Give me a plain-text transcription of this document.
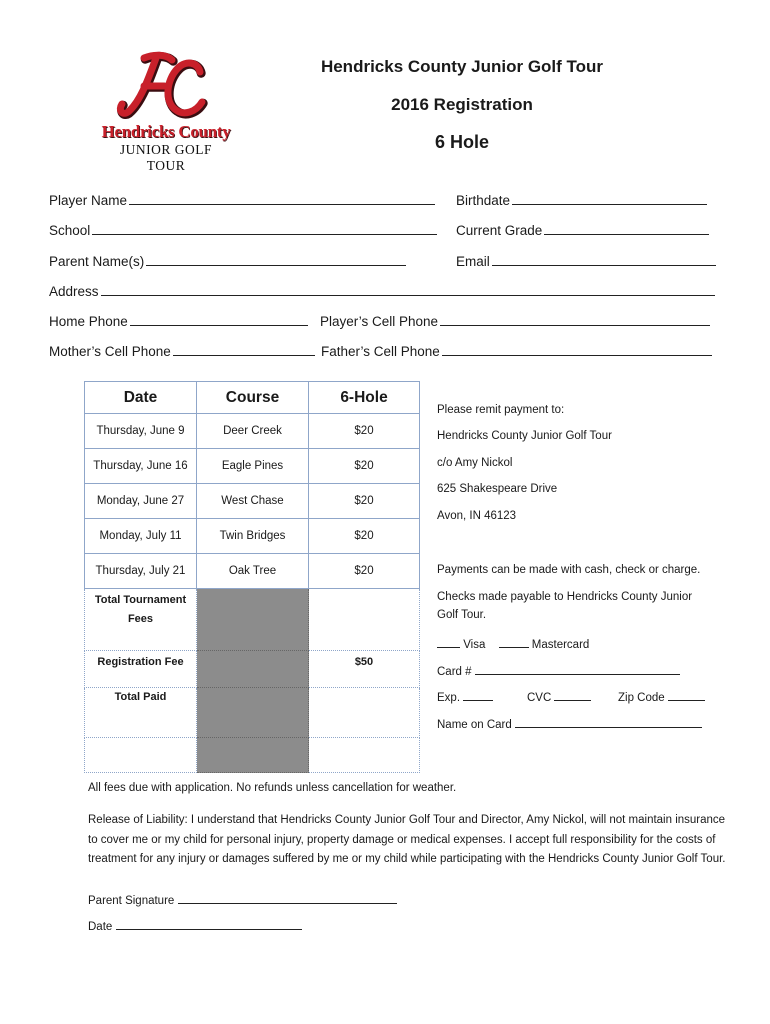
Hendricks County
JUNIOR GOLF
TOUR
Hendricks County Junior Golf Tour
2016 Registration
6 Hole
Player Name	Birthdate
School	Current Grade
Parent Name(s)	Email
Address
Home Phone	Player’s Cell Phone
Mother’s Cell Phone	Father’s Cell Phone
Date	Course	6-Hole
Thursday, June 9	Deer Creek	$20
Thursday, June 16	Eagle Pines	$20
Monday, June 27	West Chase	$20
Monday, July 11	Twin Bridges	$20
Thursday, July 21	Oak Tree	$20

Total Tournament
Fees		

Registration Fee		$50
Total Paid		

Please remit payment to:
Hendricks County Junior Golf Tour
c/o Amy Nickol
625 Shakespeare Drive
Avon, IN 46123
Payments can be made with cash, check or charge.
Checks made payable to Hendricks County Junior
Golf Tour.
Visa	Mastercard
Card #
Exp.	CVC	Zip Code
Name on Card
All fees due with application. No refunds unless cancellation for weather.
Release of Liability: I understand that Hendricks County Junior Golf Tour and Director, Amy Nickol, will not maintain insurance to cover me or my child for personal injury, property damage or medical expenses. I accept full responsibility for the costs of treatment for any injury or damages suffered by me or my child while participating with the Hendricks County Junior Golf Tour.
Parent Signature
Date
